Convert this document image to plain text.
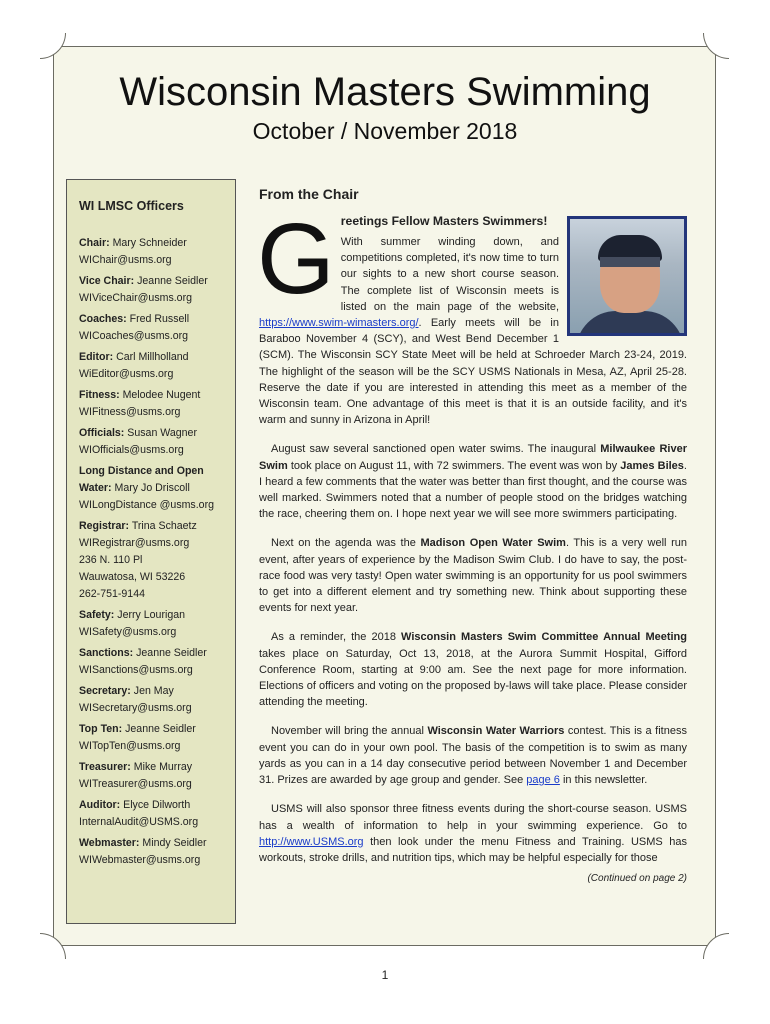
Wisconsin Masters Swimming
October / November 2018
WI LMSC Officers
Chair: Mary Schneider
WIChair@usms.org
Vice Chair: Jeanne Seidler
WIViceChair@usms.org
Coaches: Fred Russell
WICoaches@usms.org
Editor: Carl Millholland
WiEditor@usms.org
Fitness: Melodee Nugent
WIFitness@usms.org
Officials: Susan Wagner
WIOfficials@usms.org
Long Distance and Open Water: Mary Jo Driscoll
WILongDistance @usms.org
Registrar: Trina Schaetz
WIRegistrar@usms.org
236 N. 110 Pl
Wauwatosa, WI 53226
262-751-9144
Safety: Jerry Lourigan
WISafety@usms.org
Sanctions: Jeanne Seidler
WISanctions@usms.org
Secretary: Jen May
WISecretary@usms.org
Top Ten: Jeanne Seidler
WITopTen@usms.org
Treasurer: Mike Murray
WITreasurer@usms.org
Auditor: Elyce Dilworth
InternalAudit@USMS.org
Webmaster: Mindy Seidler
WIWebmaster@usms.org
From the Chair
G reetings Fellow Masters Swimmers!

With summer winding down, and competitions completed, it's now time to turn our sights to a new short course season. The complete list of Wisconsin meets is listed on the main page of the website, https://www.swim-wimasters.org/. Early meets will be in Baraboo November 4 (SCY), and West Bend December 1 (SCM). The Wisconsin SCY State Meet will be held at Schroeder March 23-24, 2019. The highlight of the season will be the SCY USMS Nationals in Mesa, AZ, April 25-28. Reserve the date if you are interested in attending this meet as a member of the Wisconsin team. One advantage of this meet is that it is an outside facility, and it's warm and sunny in Arizona in April!

August saw several sanctioned open water swims. The inaugural Milwaukee River Swim took place on August 11, with 72 swimmers. The event was won by James Biles. I heard a few comments that the water was better than first thought, and the course was well marked. Swimmers noted that a number of people stood on the bridges watching the race, cheering them on. I hope next year we will see more swimmers participating.

Next on the agenda was the Madison Open Water Swim. This is a very well run event, after years of experience by the Madison Swim Club. I do have to say, the post-race food was very tasty! Open water swimming is an opportunity for us pool swimmers to get into a different element and try something new. Think about supporting these events for next year.

As a reminder, the 2018 Wisconsin Masters Swim Committee Annual Meeting takes place on Saturday, Oct 13, 2018, at the Aurora Summit Hospital, Gifford Conference Room, starting at 9:00 am. See the next page for more information. Elections of officers and voting on the proposed by-laws will take place. Please consider attending the meeting.

November will bring the annual Wisconsin Water Warriors contest. This is a fitness event you can do in your own pool. The basis of the competition is to swim as many yards as you can in a 14 day consecutive period between November 1 and December 31. Prizes are awarded by age group and gender. See page 6 in this newsletter.

USMS will also sponsor three fitness events during the short-course season. USMS has a wealth of information to help in your swimming experience. Go to http://www.USMS.org then look under the menu Fitness and Training. USMS has workouts, stroke drills, and nutrition tips, which may be helpful especially for those

(Continued on page 2)
1
